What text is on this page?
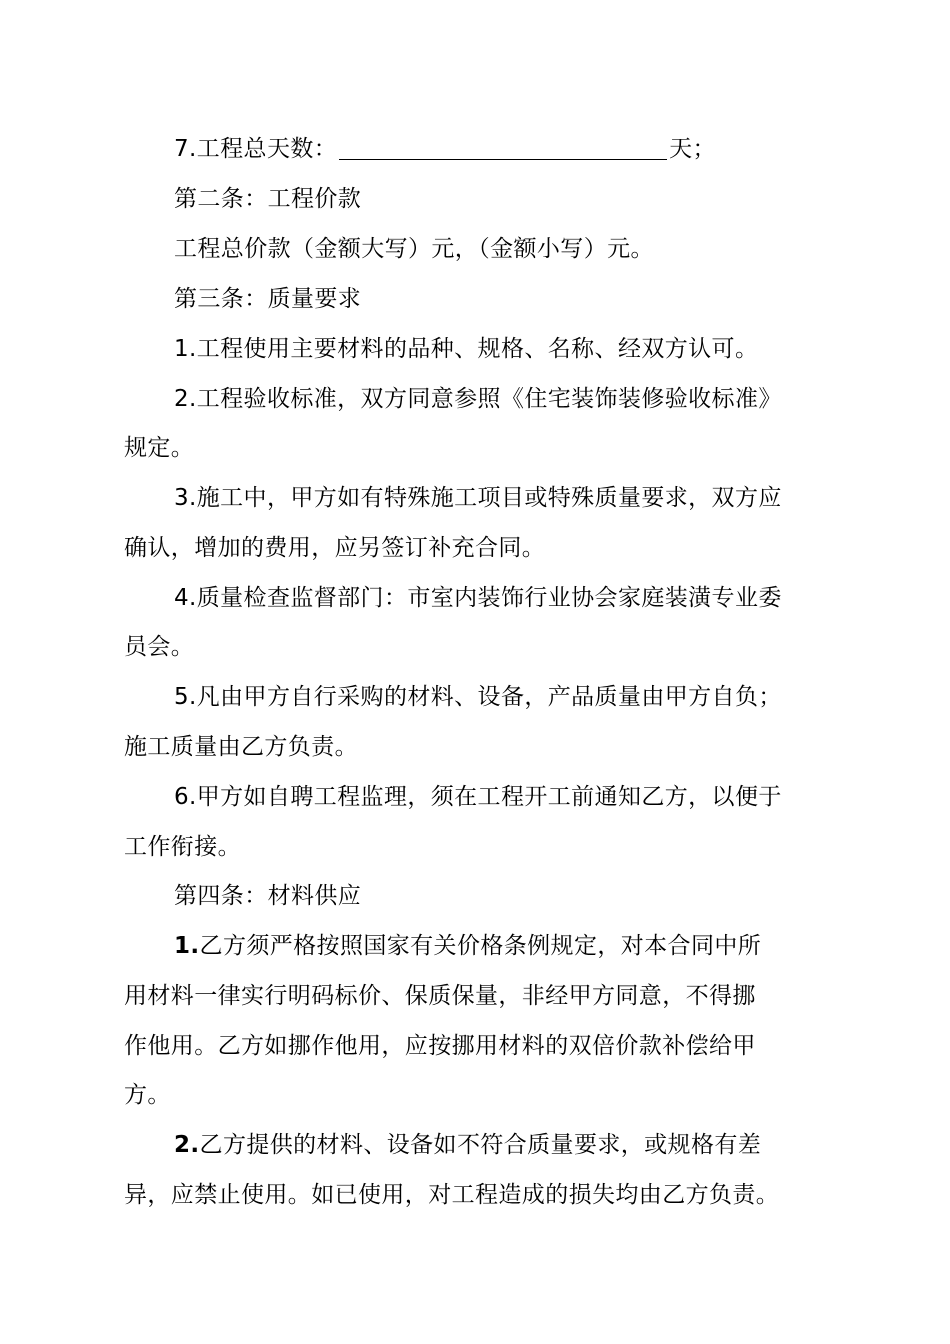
7.工程总天数：	天；
第二条：工程价款
工程总价款（金额大写）元，（金额小写）元。
第三条：质量要求
1.工程使用主要材料的品种、规格、名称、经双方认可。
2.工程验收标准，双方同意参照《住宅装饰装修验收标准》
规定。
3.施工中，甲方如有特殊施工项目或特殊质量要求，双方应
确认，增加的费用，应另签订补充合同。
4.质量检查监督部门：市室内装饰行业协会家庭装潢专业委
员会。
5.凡由甲方自行采购的材料、设备，产品质量由甲方自负；
施工质量由乙方负责。
6.甲方如自聘工程监理，须在工程开工前通知乙方，以便于
工作衔接。
第四条：材料供应
1.乙方须严格按照国家有关价格条例规定，对本合同中所
用材料一律实行明码标价、保质保量，非经甲方同意，不得挪
作他用。乙方如挪作他用，应按挪用材料的双倍价款补偿给甲
方。
2.乙方提供的材料、设备如不符合质量要求，或规格有差
异，应禁止使用。如已使用，对工程造成的损失均由乙方负责。
